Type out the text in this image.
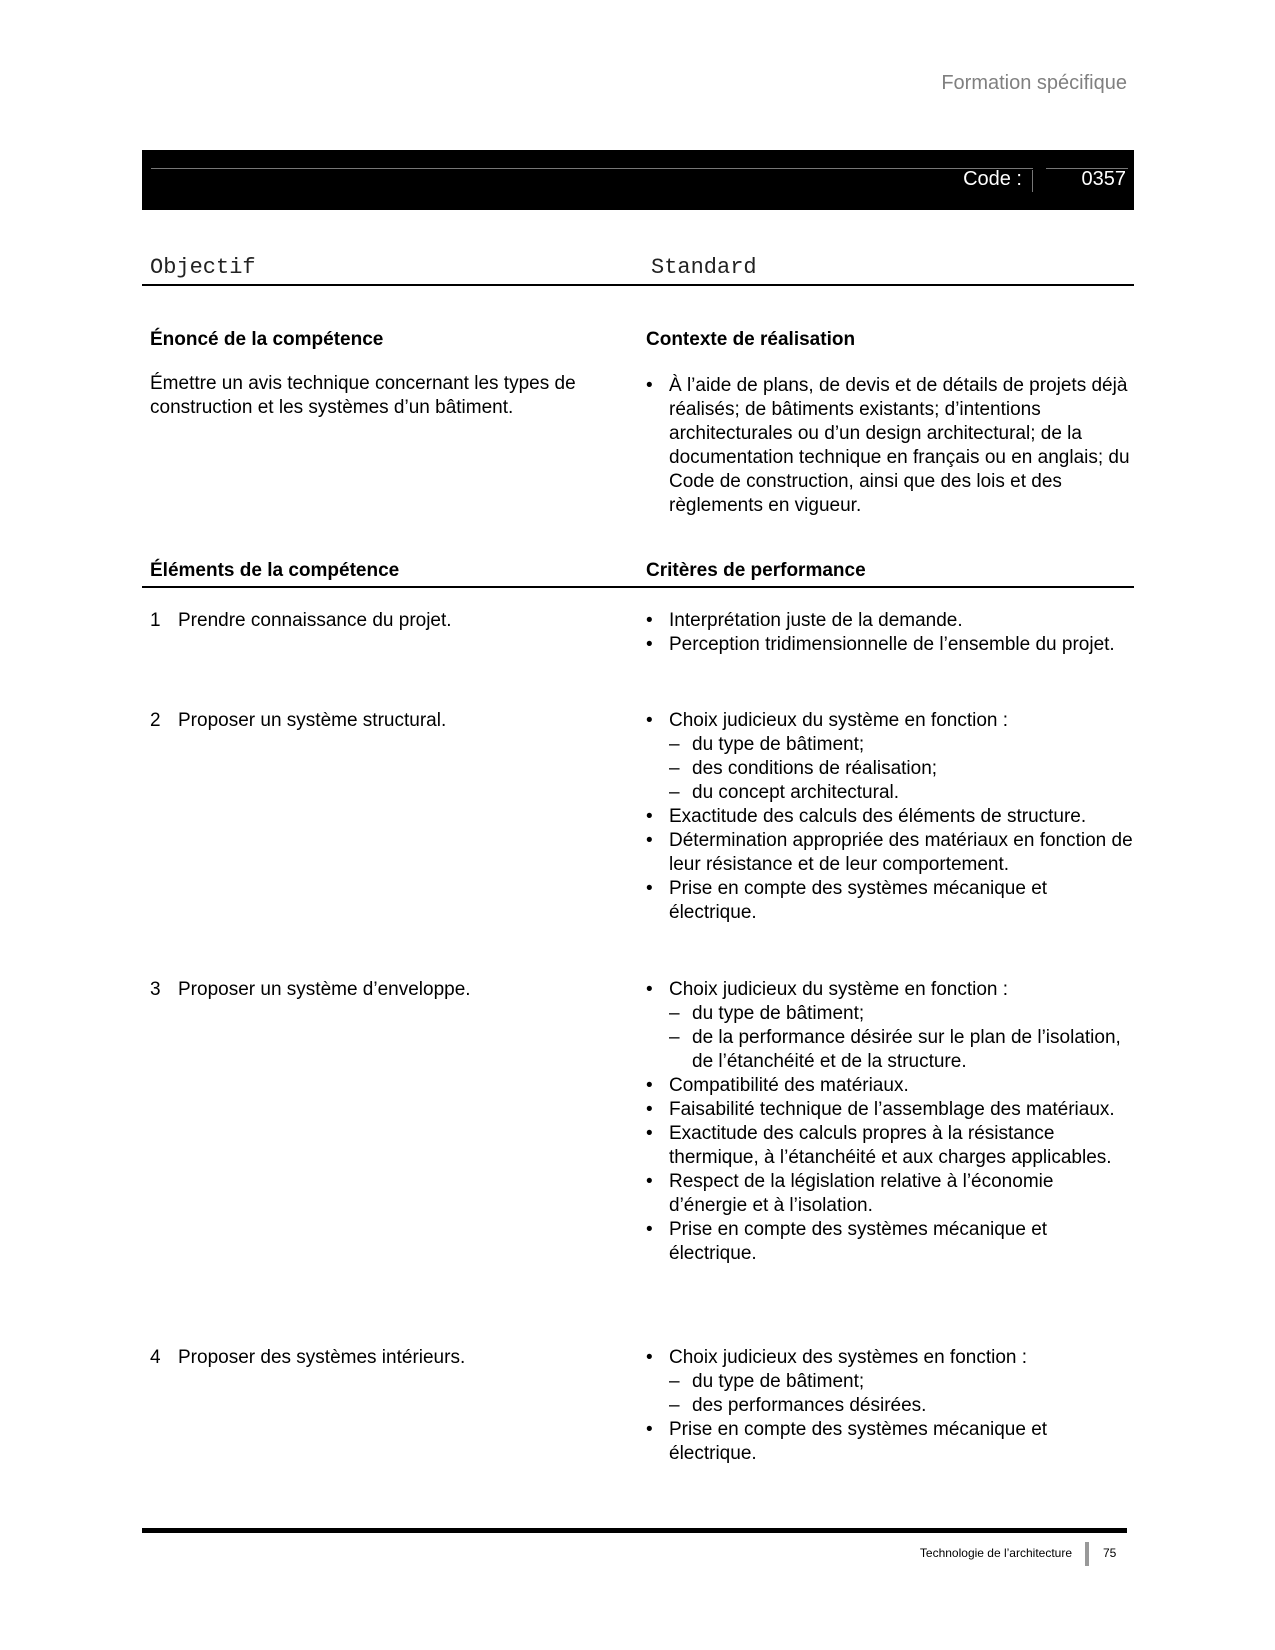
Formation spécifique
Code :	0357
Objectif	Standard
Énoncé de la compétence	Contexte de réalisation
Émettre un avis technique concernant les types de construction et les systèmes d’un bâtiment.
• À l’aide de plans, de devis et de détails de projets déjà réalisés; de bâtiments existants; d’intentions architecturales ou d’un design architectural; de la documentation technique en français ou en anglais; du Code de construction, ainsi que des lois et des règlements en vigueur.
Éléments de la compétence	Critères de performance
1 Prendre connaissance du projet.	• Interprétation juste de la demande.
• Perception tridimensionnelle de l’ensemble du projet.
2 Proposer un système structural.	• Choix judicieux du système en fonction :
– du type de bâtiment;
– des conditions de réalisation;
– du concept architectural.
• Exactitude des calculs des éléments de structure.
• Détermination appropriée des matériaux en fonction de leur résistance et de leur comportement.
• Prise en compte des systèmes mécanique et électrique.
3 Proposer un système d’enveloppe.	• Choix judicieux du système en fonction :
– du type de bâtiment;
– de la performance désirée sur le plan de l’isolation, de l’étanchéité et de la structure.
• Compatibilité des matériaux.
• Faisabilité technique de l’assemblage des matériaux.
• Exactitude des calculs propres à la résistance thermique, à l’étanchéité et aux charges applicables.
• Respect de la législation relative à l’économie d’énergie et à l’isolation.
• Prise en compte des systèmes mécanique et électrique.
4 Proposer des systèmes intérieurs.	• Choix judicieux des systèmes en fonction :
– du type de bâtiment;
– des performances désirées.
• Prise en compte des systèmes mécanique et électrique.
Technologie de l’architecture	75
